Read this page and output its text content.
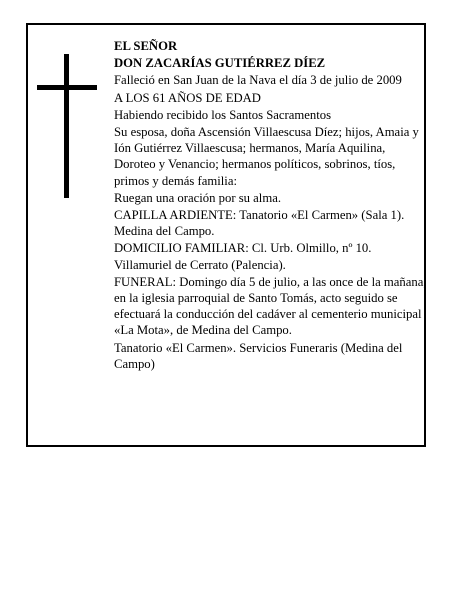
EL SEÑOR

DON ZACARÍAS GUTIÉRREZ DÍEZ

Falleció en San Juan de la Nava el día 3 de julio de 2009

A LOS 61 AÑOS DE EDAD

Habiendo recibido los Santos Sacramentos

Su esposa, doña Ascensión Villaescusa Díez; hijos, Amaia y Ión Gutiérrez Villaescusa; hermanos, María Aquilina, Doroteo y Venancio; hermanos políticos, sobrinos, tíos, primos y demás familia:

Ruegan una oración por su alma.

CAPILLA ARDIENTE: Tanatorio «El Carmen» (Sala 1). Medina del Campo.

DOMICILIO FAMILIAR: Cl. Urb. Olmillo, nº 10. Villamuriel de Cerrato (Palencia).

FUNERAL: Domingo día 5 de julio, a las once de la mañana, en la iglesia parroquial de Santo Tomás, acto seguido se efectuará la conducción del cadáver al cementerio municipal «La Mota», de Medina del Campo.

Tanatorio «El Carmen». Servicios Funeraris (Medina del Campo)
